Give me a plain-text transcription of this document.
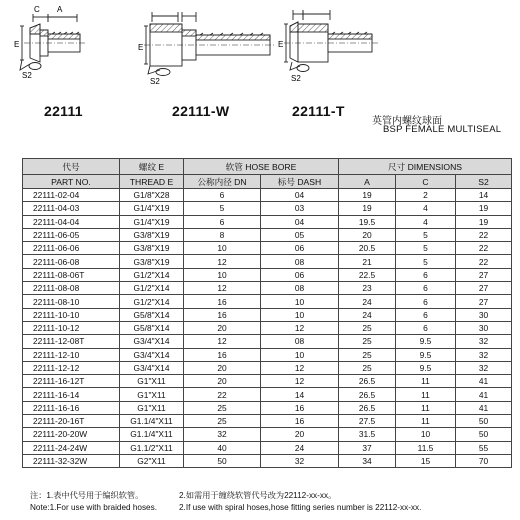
C A
E
S2
E
S2
E
S2
22111	22111-W	22111-T
英管内螺纹球面
BSP FEMALE MULTISEAL
代号	螺纹 E	软管 HOSE BORE		尺寸 DIMENSIONS		
PART NO.	THREAD E	公称内径 DN	标号 DASH	A	C	S2
22111-02-04	G1/8"X28	6	04	19	2	14
22111-04-03	G1/4"X19	5	03	19	4	19
22111-04-04	G1/4"X19	6	04	19.5	4	19
22111-06-05	G3/8"X19	8	05	20	5	22
22111-06-06	G3/8"X19	10	06	20.5	5	22
22111-06-08	G3/8"X19	12	08	21	5	22
22111-08-06T	G1/2"X14	10	06	22.5	6	27
22111-08-08	G1/2"X14	12	08	23	6	27
22111-08-10	G1/2"X14	16	10	24	6	27
22111-10-10	G5/8"X14	16	10	24	6	30
22111-10-12	G5/8"X14	20	12	25	6	30
22111-12-08T	G3/4"X14	12	08	25	9.5	32
22111-12-10	G3/4"X14	16	10	25	9.5	32
22111-12-12	G3/4"X14	20	12	25	9.5	32
22111-16-12T	G1"X11	20	12	26.5	11	41
22111-16-14	G1"X11	22	14	26.5	11	41
22111-16-16	G1"X11	25	16	26.5	11	41
22111-20-16T	G1.1/4"X11	25	16	27.5	11	50
22111-20-20W	G1.1/4"X11	32	20	31.5	10	50
22111-24-24W	G1.1/2"X11	40	24	37	11.5	55
22111-32-32W	G2"X11	50	32	34	15	70
注：1.表中代号用于编织软管。	2.如需用于缠绕软管代号改为22112-xx-xx。
Note:1.For use with braided hoses.	2.If use with spiral hoses,hose fitting series number is 22112-xx-xx.
